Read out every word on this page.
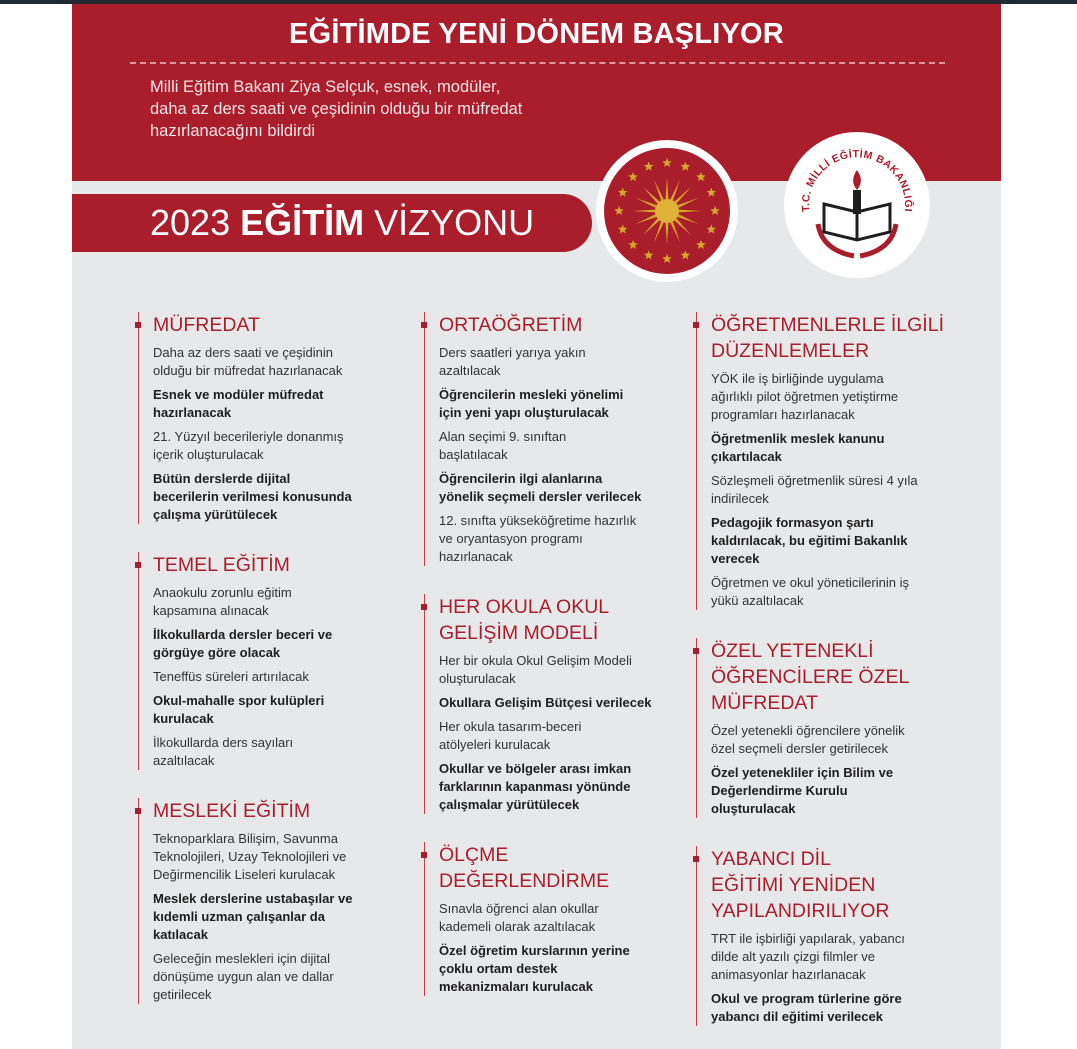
EĞİTİMDE YENİ DÖNEM BAŞLIYOR
Milli Eğitim Bakanı Ziya Selçuk, esnek, modüler,
daha az ders saati ve çeşidinin olduğu bir müfredat
hazırlanacağını bildirdi
2023 EĞİTİM VİZYONU	T.C. MİLLİ EĞİTİM BAKANLIĞI
MÜFREDAT
Daha az ders saati ve çeşidinin
olduğu bir müfredat hazırlanacak
Esnek ve modüler müfredat
hazırlanacak
21. Yüzyıl becerileriyle donanmış
içerik oluşturulacak
Bütün derslerde dijital
becerilerin verilmesi konusunda
çalışma yürütülecek
TEMEL EĞİTİM
Anaokulu zorunlu eğitim
kapsamına alınacak
İlkokullarda dersler beceri ve
görgüye göre olacak
Teneffüs süreleri artırılacak
Okul-mahalle spor kulüpleri
kurulacak
İlkokullarda ders sayıları
azaltılacak
MESLEKİ EĞİTİM
Teknoparklara Bilişim, Savunma
Teknolojileri, Uzay Teknolojileri ve
Değirmencilik Liseleri kurulacak
Meslek derslerine ustabaşılar ve
kıdemli uzman çalışanlar da
katılacak
Geleceğin meslekleri için dijital
dönüşüme uygun alan ve dallar
getirilecek
ORTAÖĞRETİM
Ders saatleri yarıya yakın
azaltılacak
Öğrencilerin mesleki yönelimi
için yeni yapı oluşturulacak
Alan seçimi 9. sınıftan
başlatılacak
Öğrencilerin ilgi alanlarına
yönelik seçmeli dersler verilecek
12. sınıfta yükseköğretime hazırlık
ve oryantasyon programı
hazırlanacak
HER OKULA OKUL
GELİŞİM MODELİ
Her bir okula Okul Gelişim Modeli
oluşturulacak
Okullara Gelişim Bütçesi verilecek
Her okula tasarım-beceri
atölyeleri kurulacak
Okullar ve bölgeler arası imkan
farklarının kapanması yönünde
çalışmalar yürütülecek
ÖLÇME
DEĞERLENDİRME
Sınavla öğrenci alan okullar
kademeli olarak azaltılacak
Özel öğretim kurslarının yerine
çoklu ortam destek
mekanizmaları kurulacak
ÖĞRETMENLERLE İLGİLİ
DÜZENLEMELER
YÖK ile iş birliğinde uygulama
ağırlıklı pilot öğretmen yetiştirme
programları hazırlanacak
Öğretmenlik meslek kanunu
çıkartılacak
Sözleşmeli öğretmenlik süresi 4 yıla
indirilecek
Pedagojik formasyon şartı
kaldırılacak, bu eğitimi Bakanlık
verecek
Öğretmen ve okul yöneticilerinin iş
yükü azaltılacak
ÖZEL YETENEKLİ
ÖĞRENCİLERE ÖZEL
MÜFREDAT
Özel yetenekli öğrencilere yönelik
özel seçmeli dersler getirilecek
Özel yetenekliler için Bilim ve
Değerlendirme Kurulu
oluşturulacak
YABANCI DİL
EĞİTİMİ YENİDEN
YAPILANDIRILIYOR
TRT ile işbirliği yapılarak, yabancı
dilde alt yazılı çizgi filmler ve
animasyonlar hazırlanacak
Okul ve program türlerine göre
yabancı dil eğitimi verilecek
